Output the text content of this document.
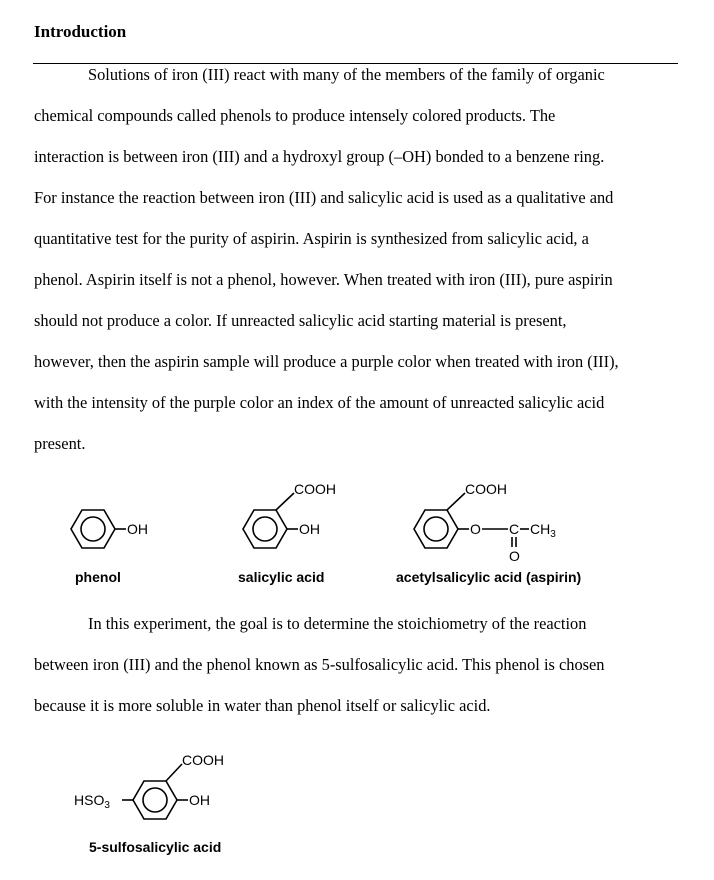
Introduction
Solutions of iron (III) react with many of the members of the family of organic
chemical compounds called phenols to produce intensely colored products. The
interaction is between iron (III) and a hydroxyl group (–OH) bonded to a benzene ring.
For instance the reaction between iron (III) and salicylic acid is used as a qualitative and
quantitative test for the purity of aspirin. Aspirin is synthesized from salicylic acid, a
phenol. Aspirin itself is not a phenol, however. When treated with iron (III), pure aspirin
should not produce a color. If unreacted salicylic acid starting material is present,
however, then the aspirin sample will produce a purple color when treated with iron (III),
with the intensity of the purple color an index of the amount of unreacted salicylic acid
present.
In this experiment, the goal is to determine the stoichiometry of the reaction
between iron (III) and the phenol known as 5-sulfosalicylic acid. This phenol is chosen
because it is more soluble in water than phenol itself or salicylic acid.
OH
phenol
COOH
OH
salicylic acid
COOH
O C $CH_3$
O
acetylsalicylic acid (aspirin)
$HSO_3$
COOH
OH
5-sulfosalicylic acid
